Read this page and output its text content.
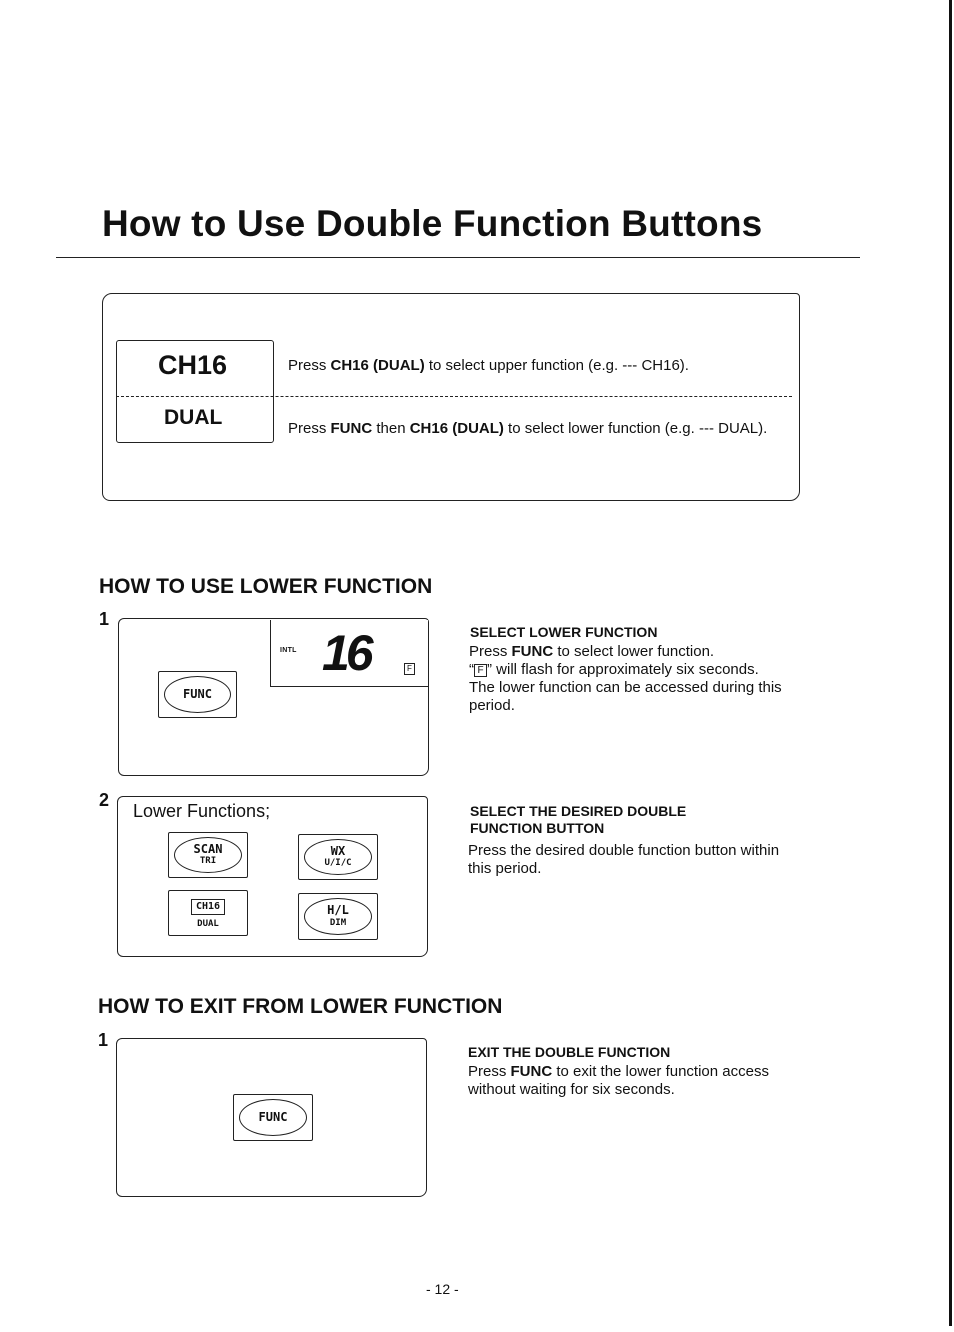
How to Use Double Function Buttons
CH16
DUAL

Press CH16 (DUAL) to select upper function (e.g. --- CH16).

Press FUNC then CH16 (DUAL) to select lower function (e.g. --- DUAL).

HOW TO USE LOWER FUNCTION
1
INTL 16	F
FUNC
SELECT LOWER FUNCTION

Press FUNC to select lower function.

“ F ” will flash for approximately six seconds.

The lower function can be accessed during this period.

2
Lower Functions;
SCAN
TRI
WX
U/I/C
CH16
DUAL
H/L
DIM
SELECT THE DESIRED DOUBLE FUNCTION BUTTON
Press the desired double function button within this period.
HOW TO EXIT FROM LOWER FUNCTION
1
FUNC
EXIT THE DOUBLE FUNCTION
Press FUNC to exit the lower function access without waiting for six seconds.
- 12 -
